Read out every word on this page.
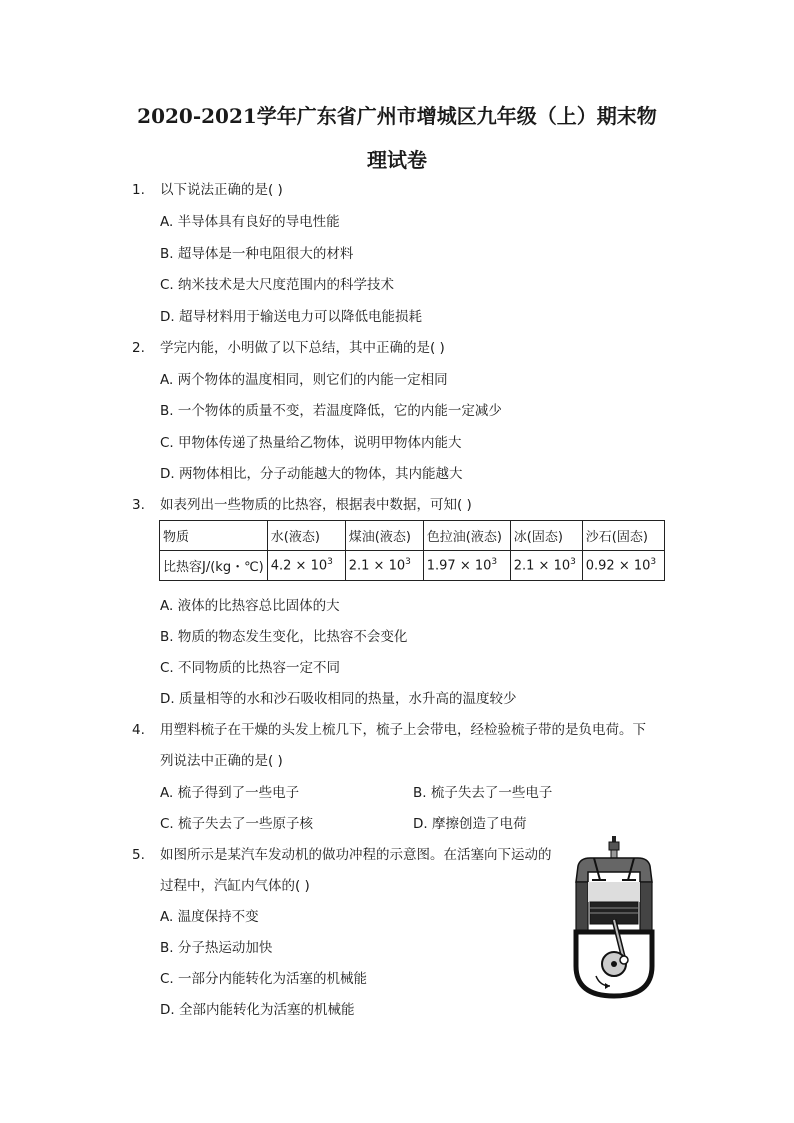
2020-2021学年广东省广州市增城区九年级（上）期末物
理试卷
1. 以下说法正确的是( )
A. 半导体具有良好的导电性能
B. 超导体是一种电阻很大的材料
C. 纳米技术是大尺度范围内的科学技术
D. 超导材料用于输送电力可以降低电能损耗
2. 学完内能，小明做了以下总结，其中正确的是( )
A. 两个物体的温度相同，则它们的内能一定相同
B. 一个物体的质量不变，若温度降低，它的内能一定减少
C. 甲物体传递了热量给乙物体，说明甲物体内能大
D. 两物体相比，分子动能越大的物体，其内能越大
3. 如表列出一些物质的比热容，根据表中数据，可知( )
物质	水(液态)	煤油(液态)	色拉油(液态)	冰(固态)	沙石(固态)
比热容J/(kg・℃)	$4.2 \times 10^3$	$2.1 \times 10^3$	$1.97 \times 10^3$	$2.1 \times 10^3$	$0.92 \times 10^3$
A. 液体的比热容总比固体的大
B. 物质的物态发生变化，比热容不会变化
C. 不同物质的比热容一定不同
D. 质量相等的水和沙石吸收相同的热量，水升高的温度较少
4. 用塑料梳子在干燥的头发上梳几下，梳子上会带电，经检验梳子带的是负电荷。下
列说法中正确的是( )
A. 梳子得到了一些电子	B. 梳子失去了一些电子
C. 梳子失去了一些原子核	D. 摩擦创造了电荷
5. 如图所示是某汽车发动机的做功冲程的示意图。在活塞向下运动的
过程中，汽缸内气体的( )
A. 温度保持不变
B. 分子热运动加快
C. 一部分内能转化为活塞的机械能
D. 全部内能转化为活塞的机械能
